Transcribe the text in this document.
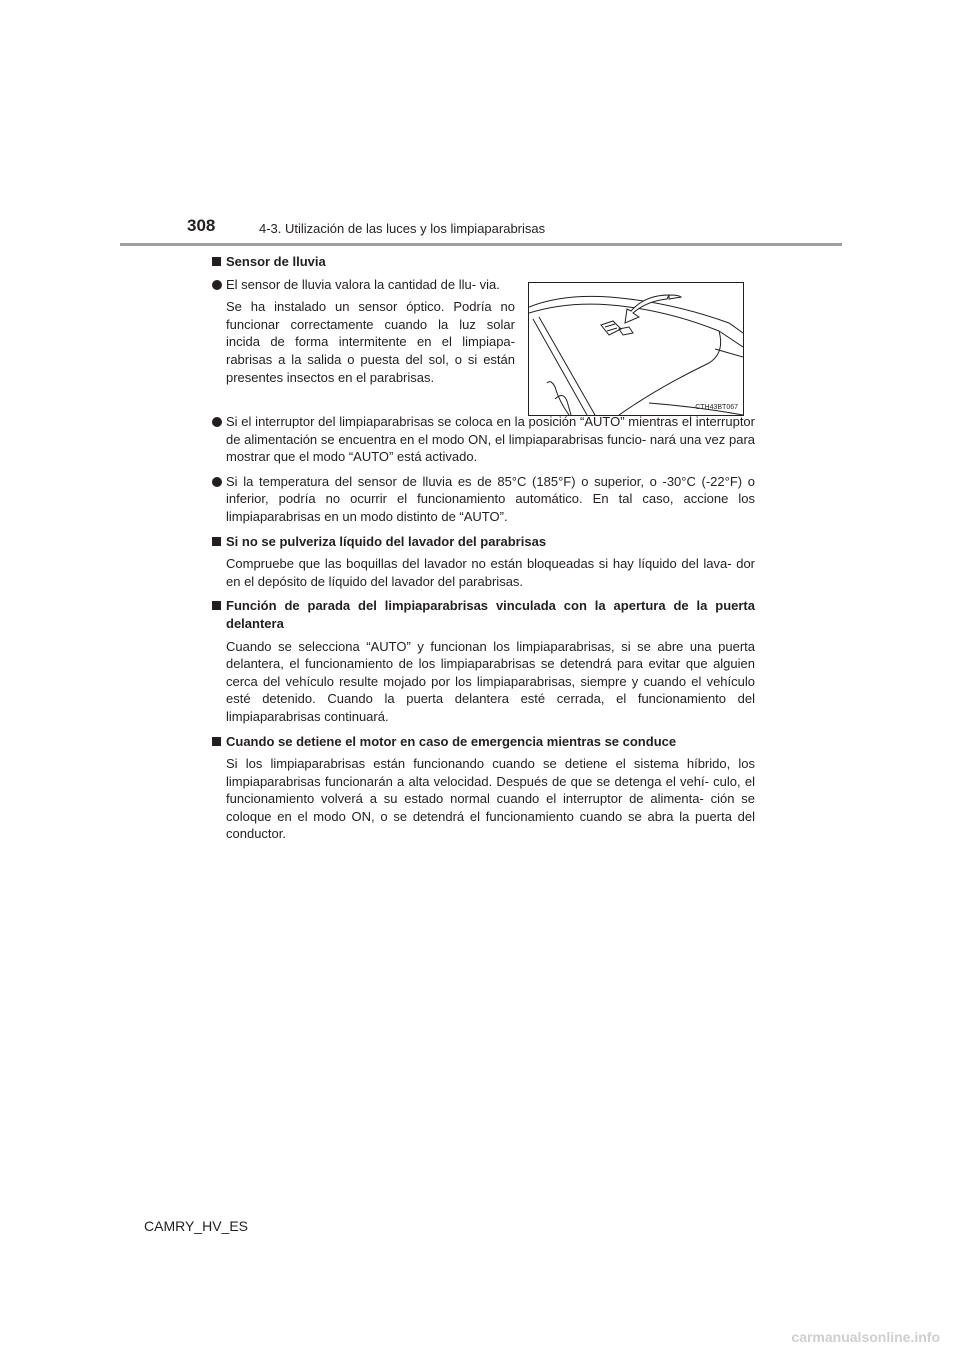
308	4-3. Utilización de las luces y los limpiaparabrisas
Sensor de lluvia
El sensor de lluvia valora la cantidad de llu- via.
Se ha instalado un sensor óptico. Podría no funcionar correctamente cuando la luz solar incida de forma intermitente en el limpiapa- rabrisas a la salida o puesta del sol, o si están presentes insectos en el parabrisas.
CTH43BT067
Si el interruptor del limpiaparabrisas se coloca en la posición “AUTO” mientras el interruptor de alimentación se encuentra en el modo ON, el limpiaparabrisas funcio- nará una vez para mostrar que el modo “AUTO” está activado.
Si la temperatura del sensor de lluvia es de 85°C (185°F) o superior, o -30°C (-22°F) o inferior, podría no ocurrir el funcionamiento automático. En tal caso, accione los limpiaparabrisas en un modo distinto de “AUTO”.
Si no se pulveriza líquido del lavador del parabrisas
Compruebe que las boquillas del lavador no están bloqueadas si hay líquido del lava- dor en el depósito de líquido del lavador del parabrisas.
Función de parada del limpiaparabrisas vinculada con la apertura de la puerta delantera
Cuando se selecciona “AUTO” y funcionan los limpiaparabrisas, si se abre una puerta delantera, el funcionamiento de los limpiaparabrisas se detendrá para evitar que alguien cerca del vehículo resulte mojado por los limpiaparabrisas, siempre y cuando el vehículo esté detenido. Cuando la puerta delantera esté cerrada, el funcionamiento del limpiaparabrisas continuará.
Cuando se detiene el motor en caso de emergencia mientras se conduce
Si los limpiaparabrisas están funcionando cuando se detiene el sistema híbrido, los limpiaparabrisas funcionarán a alta velocidad. Después de que se detenga el vehí- culo, el funcionamiento volverá a su estado normal cuando el interruptor de alimenta- ción se coloque en el modo ON, o se detendrá el funcionamiento cuando se abra la puerta del conductor.
CAMRY_HV_ES
carmanualsonline.info
